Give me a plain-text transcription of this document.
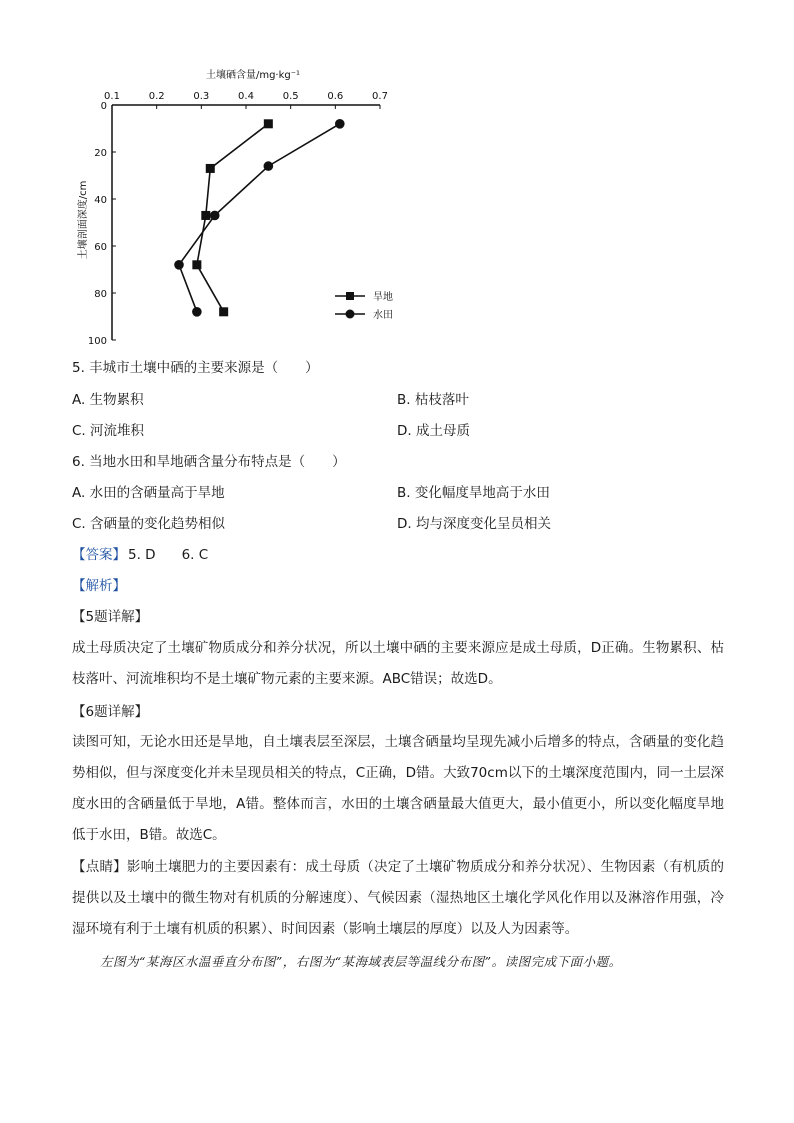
土壤硒含量/mg·kg⁻¹
0.1	0.2	0.3	0.4	0.5	0.6	0.7
0
20
40
60
80
100
土壤剖面深度/cm
旱地
水田
5. 丰城市土壤中硒的主要来源是（　　）
A. 生物累积	B. 枯枝落叶
C. 河流堆积	D. 成土母质
6. 当地水田和旱地硒含量分布特点是（　　）
A. 水田的含硒量高于旱地	B. 变化幅度旱地高于水田
C. 含硒量的变化趋势相似	D. 均与深度变化呈员相关
【答案】 5. D 6. C
【解析】
【5题详解】
成土母质决定了土壤矿物质成分和养分状况，所以土壤中硒的主要来源应是成土母质，D正确。生物累积、枯枝落叶、河流堆积均不是土壤矿物元素的主要来源。ABC错误；故选D。
【6题详解】
读图可知，无论水田还是旱地，自土壤表层至深层，土壤含硒量均呈现先减小后增多的特点，含硒量的变化趋势相似，但与深度变化并未呈现员相关的特点，C正确，D错。大致70cm以下的土壤深度范围内，同一土层深度水田的含硒量低于旱地，A错。整体而言，水田的土壤含硒量最大值更大，最小值更小，所以变化幅度旱地低于水田，B错。故选C。
【点睛】影响土壤肥力的主要因素有：成土母质（决定了土壤矿物质成分和养分状况）、生物因素（有机质的提供以及土壤中的微生物对有机质的分解速度）、气候因素（湿热地区土壤化学风化作用以及淋溶作用强，冷湿环境有利于土壤有机质的积累）、时间因素（影响土壤层的厚度）以及人为因素等。
左图为“某海区水温垂直分布图”，右图为“某海域表层等温线分布图”。读图完成下面小题。
